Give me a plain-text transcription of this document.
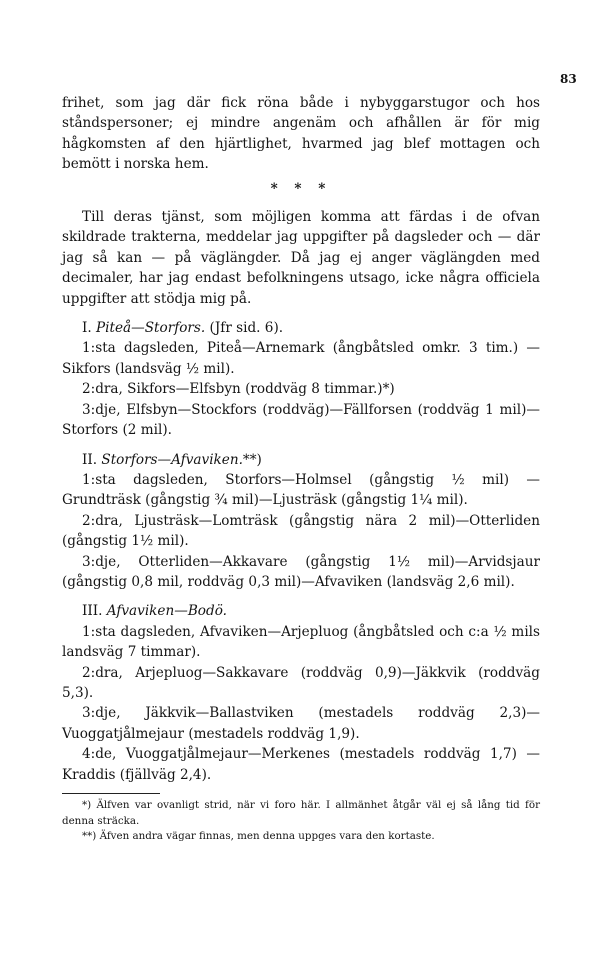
83

frihet, som jag där fick röna både i nybyggarstugor och hos ståndspersoner; ej mindre angenäm och afhållen är för mig hågkomsten af den hjärtlighet, hvarmed jag blef mottagen och bemött i norska hem.

* * *

Till deras tjänst, som möjligen komma att färdas i de ofvan skildrade trakterna, meddelar jag uppgifter på dagsleder och — där jag så kan — på väglängder. Då jag ej anger väglängden med decimaler, har jag endast befolkningens utsago, icke några officiela uppgifter att stödja mig på.

I. Piteå—Storfors. (Jfr sid. 6).

1:sta dagsleden, Piteå—Arnemark (ångbåtsled omkr. 3 tim.) —Sikfors (landsväg ½ mil).

2:dra, Sikfors—Elfsbyn (roddväg 8 timmar.)*)

3:dje, Elfsbyn—Stockfors (roddväg)—Fällforsen (roddväg 1 mil)—Storfors (2 mil).

II. Storfors—Afvaviken.**)

1:sta dagsleden, Storfors—Holmsel (gångstig ½ mil) — Grundträsk (gångstig ¾ mil)—Ljusträsk (gångstig 1¼ mil).

2:dra, Ljusträsk—Lomträsk (gångstig nära 2 mil)—Otterliden (gångstig 1½ mil).

3:dje, Otterliden—Akkavare (gångstig 1½ mil)—Arvidsjaur (gångstig 0,8 mil, roddväg 0,3 mil)—Afvaviken (landsväg 2,6 mil).

III. Afvaviken—Bodö.

1:sta dagsleden, Afvaviken—Arjepluog (ångbåtsled och c:a ½ mils landsväg 7 timmar).

2:dra, Arjepluog—Sakkavare (roddväg 0,9)—Jäkkvik (roddväg 5,3).

3:dje, Jäkkvik—Ballastviken (mestadels roddväg 2,3)— Vuoggatjålmejaur (mestadels roddväg 1,9).

4:de, Vuoggatjålmejaur—Merkenes (mestadels roddväg 1,7) —Kraddis (fjällväg 2,4).

*) Älfven var ovanligt strid, när vi foro här. I allmänhet åtgår väl ej så lång tid för denna sträcka.

**) Äfven andra vägar finnas, men denna uppges vara den kortaste.
